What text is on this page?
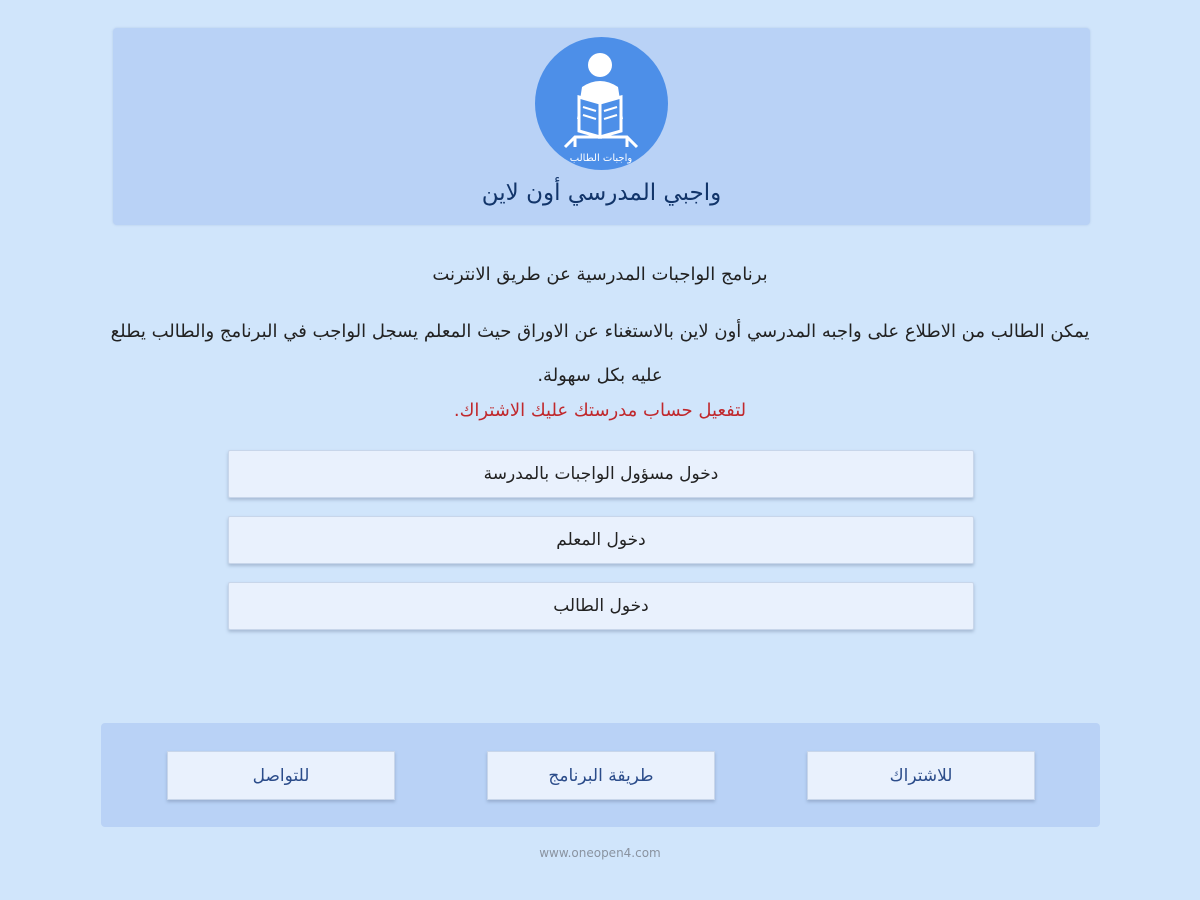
واجبات الطالب
واجبي المدرسي أون لاين
برنامج الواجبات المدرسية عن طريق الانترنت
يمكن الطالب من الاطلاع على واجبه المدرسي أون لاين بالاستغناء عن الاوراق حيث المعلم يسجل الواجب في البرنامج والطالب يطلع عليه بكل سهولة.
لتفعيل حساب مدرستك عليك الاشتراك.
دخول مسؤول الواجبات بالمدرسة
دخول المعلم
دخول الطالب
للتواصل	طريقة البرنامج	للاشتراك
www.oneopen4.com
